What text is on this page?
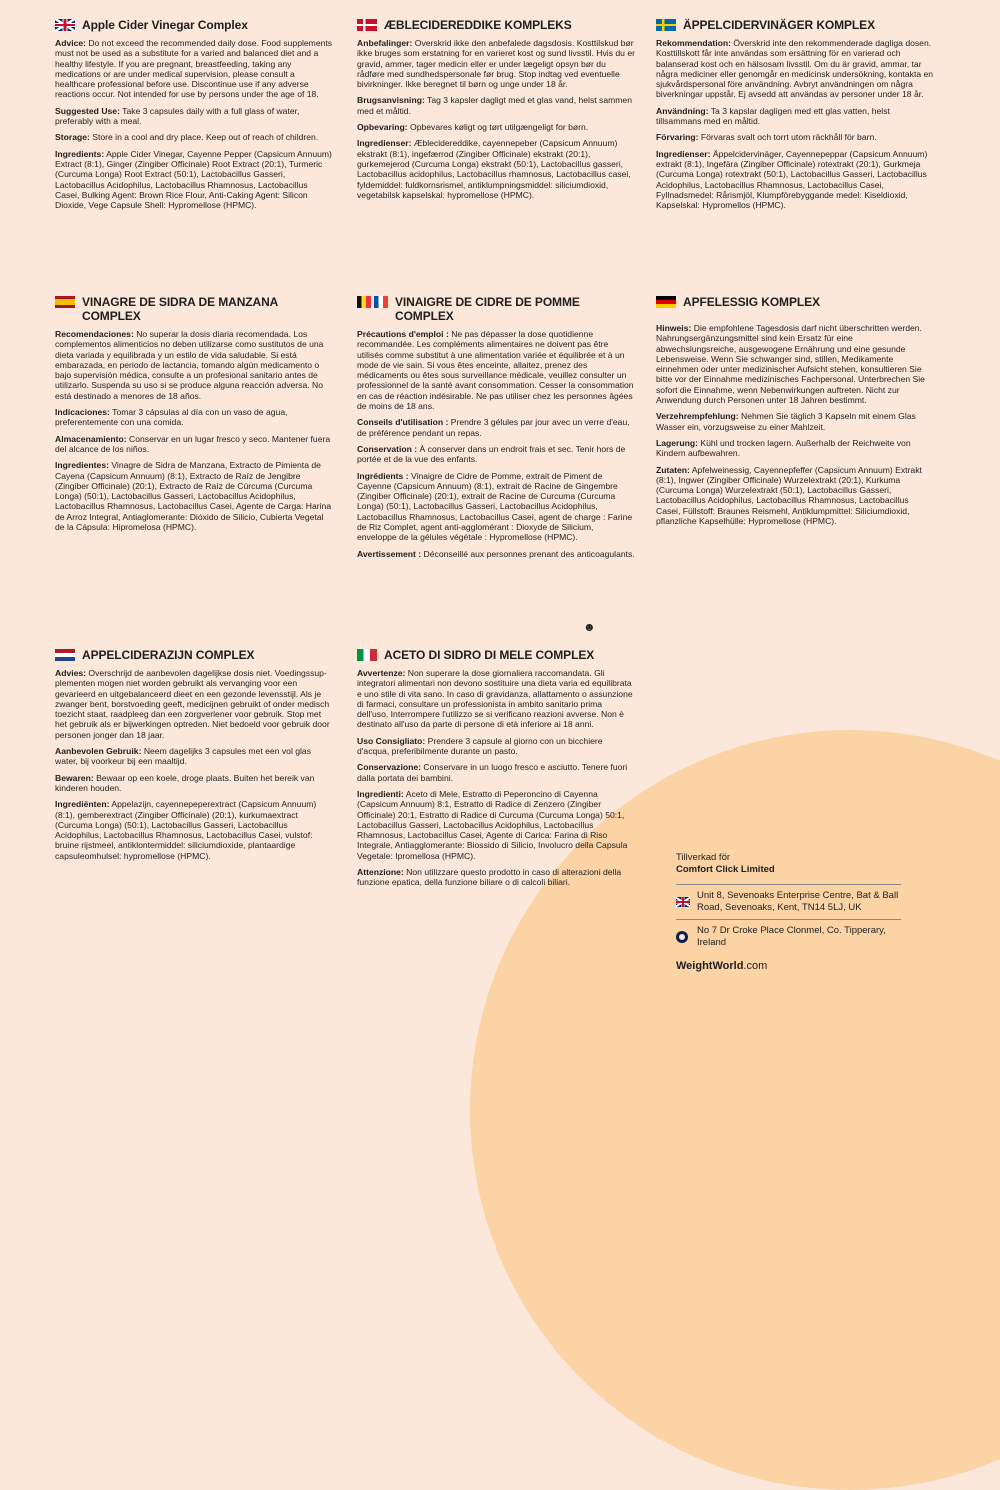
Apple Cider Vinegar Complex

Advice: Do not exceed the recommended daily dose. Food supplements must not be used as a substitute for a varied and balanced diet and a healthy lifestyle. If you are pregnant, breastfeeding, taking any medications or are under medical supervision, please consult a healthcare professional before use. Discontinue use if any adverse reactions occur. Not intended for use by persons under the age of 18.

Suggested Use: Take 3 capsules daily with a full glass of water, preferably with a meal.

Storage: Store in a cool and dry place. Keep out of reach of children.

Ingredients: Apple Cider Vinegar, Cayenne Pepper (Capsicum Annuum) Extract (8:1), Ginger (Zingiber Officinale) Root Extract (20:1), Turmeric (Curcuma Longa) Root Extract (50:1), Lactobacillus Gasseri, Lactobacillus Acidophilus, Lactobacillus Rhamnosus, Lactobacillus Casei, Bulking Agent: Brown Rice Flour, Anti-Caking Agent: Silicon Dioxide, Vege Capsule Shell: Hypromellose (HPMC).

VINAGRE DE SIDRA DE MANZANA COMPLEX

Recomendaciones: No superar la dosis diaria recomendada. Los complementos alimenticios no deben utilizarse como sustitutos de una dieta variada y equilibrada y un estilo de vida saludable. Si está embarazada, en periodo de lactancia, tomando algún medicamento o bajo supervisión médica, consulte a un profesional sanitario antes de utilizarlo. Suspenda su uso si se produce alguna reacción adversa. No está destinado a menores de 18 años.

Indicaciones: Tomar 3 cápsulas al día con un vaso de agua, preferentemente con una comida.

Almacenamiento: Conservar en un lugar fresco y seco. Mantener fuera del alcance de los niños.

Ingredientes: Vinagre de Sidra de Manzana, Extracto de Pimienta de Cayena (Capsicum Annuum) (8:1), Extracto de Raíz de Jengibre (Zingiber Officinale) (20:1), Extracto de Raíz de Cúrcuma (Curcuma Longa) (50:1), Lactobacillus Gasseri, Lactobacillus Acidophilus, Lactobacillus Rhamnosus, Lactobacillus Casei, Agente de Carga: Harina de Arroz Integral, Antiaglomerante: Dióxido de Silicio, Cubierta Vegetal de la Cápsula: Hipromelosa (HPMC).

APPELCIDERAZIJN COMPLEX

Advies: Overschrijd de aanbevolen dagelijkse dosis niet. Voedingssup- plementen mogen niet worden gebruikt als vervanging voor een gevarieerd en uitgebalanceerd dieet en een gezonde levensstijl. Als je zwanger bent, borstvoeding geeft, medicijnen gebruikt of onder medisch toezicht staat, raadpleeg dan een zorgverlener voor gebruik. Stop met het gebruik als er bijwerkingen optreden. Niet bedoeld voor gebruik door personen jonger dan 18 jaar.

Aanbevolen Gebruik: Neem dagelijks 3 capsules met een vol glas water, bij voorkeur bij een maaltijd.

Bewaren: Bewaar op een koele, droge plaats. Buiten het bereik van kinderen houden.

Ingrediënten: Appelazijn, cayennepeperextract (Capsicum Annuum) (8:1), gemberextract (Zingiber Officinale) (20:1), kurkumaextract (Curcuma Longa) (50:1), Lactobacillus Gasseri, Lactobacillus Acidophilus, Lactobacillus Rhamnosus, Lactobacillus Casei, vulstof: bruine rijstmeel, antiklontermiddel: siliciumdioxide, plantaardige capsuleomhulsel: hypromellose (HPMC).

ÆBLECIDEREDDIKE KOMPLEKS

Anbefalinger: Overskrid ikke den anbefalede dagsdosis. Kosttilskud bør ikke bruges som erstatning for en varieret kost og sund livsstil. Hvis du er gravid, ammer, tager medicin eller er under lægeligt opsyn bør du rådføre med sundhedspersonale før brug. Stop indtag ved eventuelle bivirkninger. Ikke beregnet til børn og unge under 18 år.

Brugsanvisning: Tag 3 kapsler dagligt med et glas vand, helst sammen med et måltid.

Opbevaring: Opbevares køligt og tørt utilgængeligt for børn.

Ingredienser: Æblecidereddike, cayennepeber (Capsicum Annuum) ekstrakt (8:1), ingefærrod (Zingiber Officinale) ekstrakt (20:1), gurkemejerod (Curcuma Longa) ekstrakt (50:1), Lactobacillus gasseri, Lactobacillus acidophilus, Lactobacillus rhamnosus, Lactobacillus casei, fyldemiddel: fuldkornsrismel, antiklumpningsmiddel: siliciumdioxid, vegetabilsk kapselskal: hypromellose (HPMC).

VINAIGRE DE CIDRE DE POMME COMPLEX

Précautions d'emploi : Ne pas dépasser la dose quotidienne recommandée. Les compléments alimentaires ne doivent pas être utilisés comme substitut à une alimentation variée et équilibrée et à un mode de vie sain. Si vous êtes enceinte, allaitez, prenez des médicaments ou êtes sous surveillance médicale, veuillez consulter un professionnel de la santé avant consommation. Cesser la consommation en cas de réaction indésirable. Ne pas utiliser chez les personnes âgées de moins de 18 ans.

Conseils d'utilisation : Prendre 3 gélules par jour avec un verre d'eau, de préférence pendant un repas.

Conservation : À conserver dans un endroit frais et sec. Tenir hors de portée et de la vue des enfants.

Ingrédients : Vinaigre de Cidre de Pomme, extrait de Piment de Cayenne (Capsicum Annuum) (8:1), extrait de Racine de Gingembre (Zingiber Officinale) (20:1), extrait de Racine de Curcuma (Curcuma Longa) (50:1), Lactobacillus Gasseri, Lactobacillus Acidophilus, Lactobacillus Rhamnosus, Lactobacillus Casei, agent de charge : Farine de Riz Complet, agent anti-agglomérant : Dioxyde de Silicium, enveloppe de la gélules végétale : Hypromellose (HPMC).

Avertissement : Déconseillé aux personnes prenant des anticoagulants.

☻
ACETO DI SIDRO DI MELE COMPLEX

Avvertenze: Non superare la dose giornaliera raccomandata. Gli integratori alimentari non devono sostituire una dieta varia ed equilibrata e uno stile di vita sano. In caso di gravidanza, allattamento o assunzione di farmaci, consultare un professionista in ambito sanitario prima dell'uso. Interrompere l'utilizzo se si verificano reazioni avverse. Non è destinato all'uso da parte di persone di età inferiore ai 18 anni.

Uso Consigliato: Prendere 3 capsule al giorno con un bicchiere d'acqua, preferibilmente durante un pasto.

Conservazione: Conservare in un luogo fresco e asciutto. Tenere fuori dalla portata dei bambini.

Ingredienti: Aceto di Mele, Estratto di Peperoncino di Cayenna (Capsicum Annuum) 8:1, Estratto di Radice di Zenzero (Zingiber Officinale) 20:1, Estratto di Radice di Curcuma (Curcuma Longa) 50:1, Lactobacillus Gasseri, Lactobacillus Acidophilus, Lactobacillus Rhamnosus, Lactobacillus Casei, Agente di Carica: Farina di Riso Integrale, Antiagglomerante: Biossido di Silicio, Involucro della Capsula Vegetale: Ipromellosa (HPMC).

Attenzione: Non utilizzare questo prodotto in caso di alterazioni della funzione epatica, della funzione biliare o di calcoli biliari.

ÄPPELCIDERVINÄGER KOMPLEX

Rekommendation: Överskrid inte den rekommenderade dagliga dosen. Kosttillskott får inte användas som ersättning för en varierad och balanserad kost och en hälsosam livsstil. Om du är gravid, ammar, tar några mediciner eller genomgår en medicinsk undersökning, kontakta en sjukvårdspersonal före användning. Avbryt användningen om några biverkningar uppstår. Ej avsedd att användas av personer under 18 år.

Användning: Ta 3 kapslar dagligen med ett glas vatten, helst tillsammans med en måltid.

Förvaring: Förvaras svalt och torrt utom räckhåll för barn.

Ingredienser: Äppelcidervinäger, Cayennepeppar (Capsicum Annuum) extrakt (8:1), Ingefära (Zingiber Officinale) rotextrakt (20:1), Gurkmeja (Curcuma Longa) rotextrakt (50:1), Lactobacillus Gasseri, Lactobacillus Acidophilus, Lactobacillus Rhamnosus, Lactobacillus Casei, Fyllnadsmedel: Rårismjöl, Klumpförebyggande medel: Kiseldioxid, Kapselskal: Hypromellos (HPMC).

APFELESSIG KOMPLEX

Hinweis: Die empfohlene Tagesdosis darf nicht überschritten werden. Nahrungsergänzungsmittel sind kein Ersatz für eine abwechslungsreiche, ausgewogene Ernährung und eine gesunde Lebensweise. Wenn Sie schwanger sind, stillen, Medikamente einnehmen oder unter medizinischer Aufsicht stehen, konsultieren Sie bitte vor der Einnahme medizinisches Fachpersonal. Unterbrechen Sie sofort die Einnahme, wenn Nebenwirkungen auftreten. Nicht zur Anwendung durch Personen unter 18 Jahren bestimmt.

Verzehrempfehlung: Nehmen Sie täglich 3 Kapseln mit einem Glas Wasser ein, vorzugsweise zu einer Mahlzeit.

Lagerung: Kühl und trocken lagern. Außerhalb der Reichweite von Kindern aufbewahren.

Zutaten: Apfelweinessig, Cayennepfeffer (Capsicum Annuum) Extrakt (8:1), Ingwer (Zingiber Officinale) Wurzelextrakt (20:1), Kurkuma (Curcuma Longa) Wurzelextrakt (50:1), Lactobacillus Gasseri, Lactobacillus Acidophilus, Lactobacillus Rhamnosus, Lactobacillus Casei, Füllstoff: Braunes Reismehl, Antiklumpmittel: Siliciumdioxid, pflanzliche Kapselhülle: Hypromellose (HPMC).

Tillverkad för
Comfort Click Limited
Unit 8, Sevenoaks Enterprise Centre, Bat & Ball Road, Sevenoaks, Kent, TN14 5LJ, UK
No 7 Dr Croke Place Clonmel, Co. Tipperary, Ireland
WeightWorld.com
